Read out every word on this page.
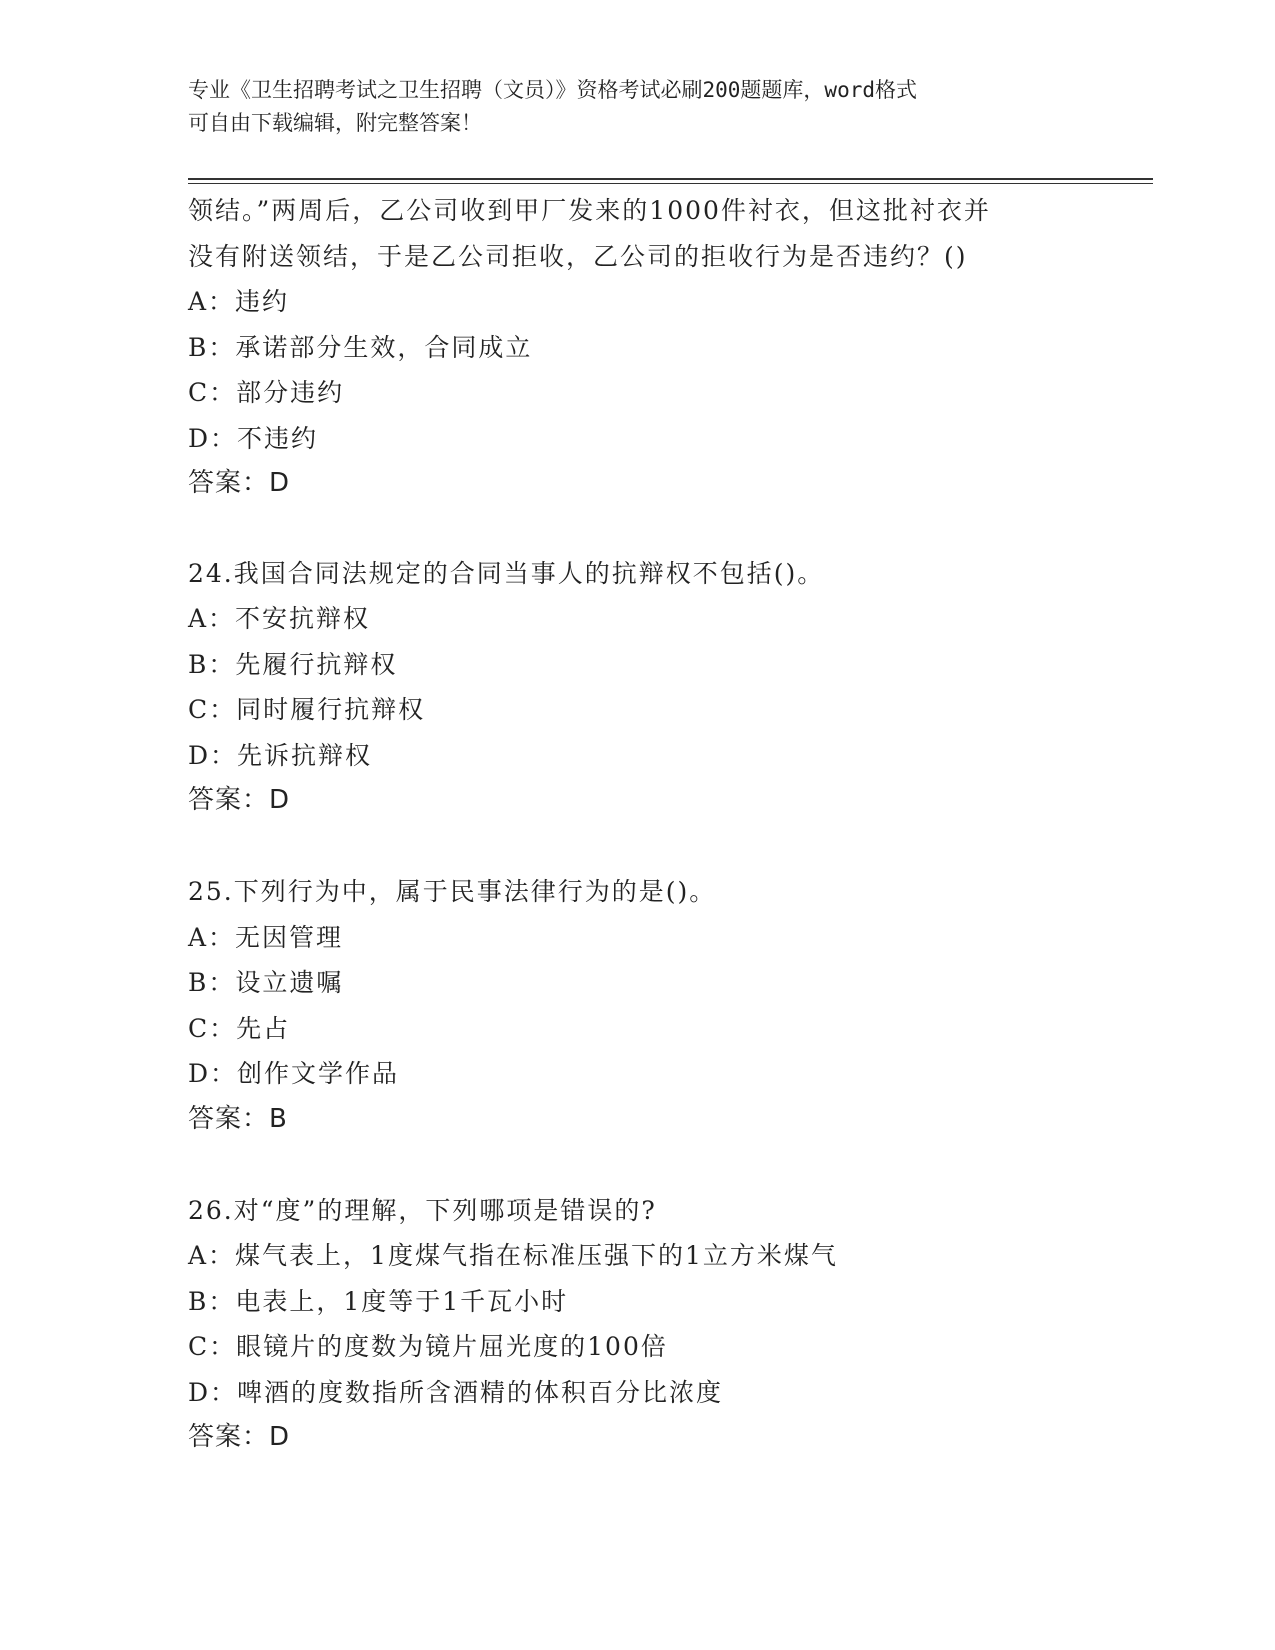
专业《卫生招聘考试之卫生招聘（文员）》资格考试必刷200题题库，word格式
可自由下载编辑，附完整答案！
领结。”两周后，乙公司收到甲厂发来的1000件衬衣，但这批衬衣并
没有附送领结，于是乙公司拒收，乙公司的拒收行为是否违约？()
A：违约
B：承诺部分生效，合同成立
C：部分违约
D：不违约
答案：D
24.我国合同法规定的合同当事人的抗辩权不包括()。
A：不安抗辩权
B：先履行抗辩权
C：同时履行抗辩权
D：先诉抗辩权
答案：D
25.下列行为中，属于民事法律行为的是()。
A：无因管理
B：设立遗嘱
C：先占
D：创作文学作品
答案：B
26.对“度”的理解，下列哪项是错误的?
A：煤气表上，1度煤气指在标准压强下的1立方米煤气
B：电表上，1度等于1千瓦小时
C：眼镜片的度数为镜片屈光度的100倍
D：啤酒的度数指所含酒精的体积百分比浓度
答案：D
